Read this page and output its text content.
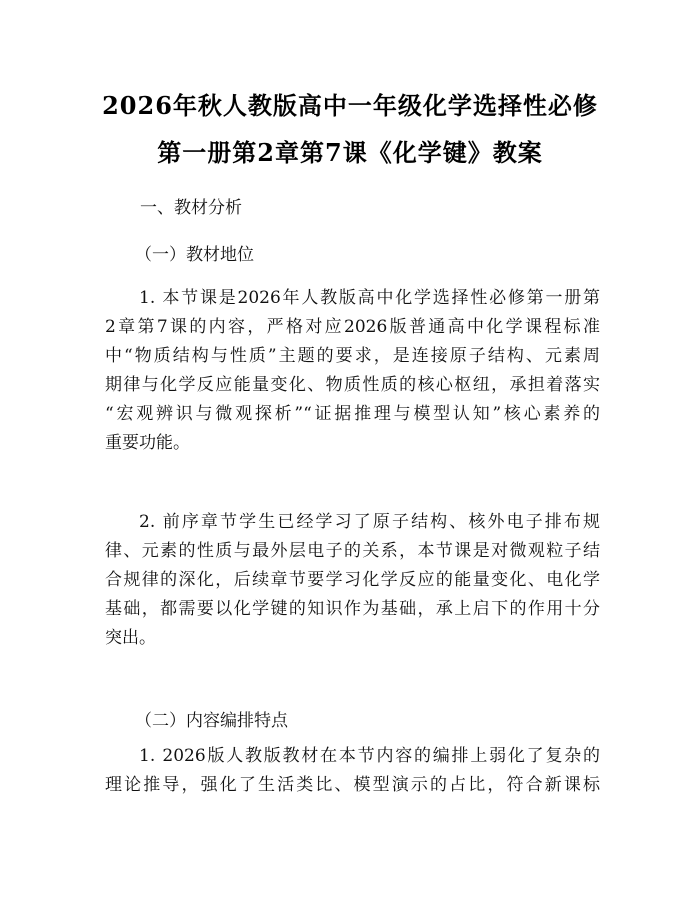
2026年秋人教版高中一年级化学选择性必修
第一册第2章第7课《化学键》教案
一、教材分析
（一）教材地位
1. 本节课是2026年人教版高中化学选择性必修第一册第
2章第7课的内容，严格对应2026版普通高中化学课程标准
中“物质结构与性质”主题的要求，是连接原子结构、元素周
期律与化学反应能量变化、物质性质的核心枢纽，承担着落实
“宏观辨识与微观探析”“证据推理与模型认知”核心素养的
重要功能。
2. 前序章节学生已经学习了原子结构、核外电子排布规
律、元素的性质与最外层电子的关系，本节课是对微观粒子结
合规律的深化，后续章节要学习化学反应的能量变化、电化学
基础，都需要以化学键的知识作为基础，承上启下的作用十分
突出。
（二）内容编排特点
1. 2026版人教版教材在本节内容的编排上弱化了复杂的
理论推导，强化了生活类比、模型演示的占比，符合新课标
